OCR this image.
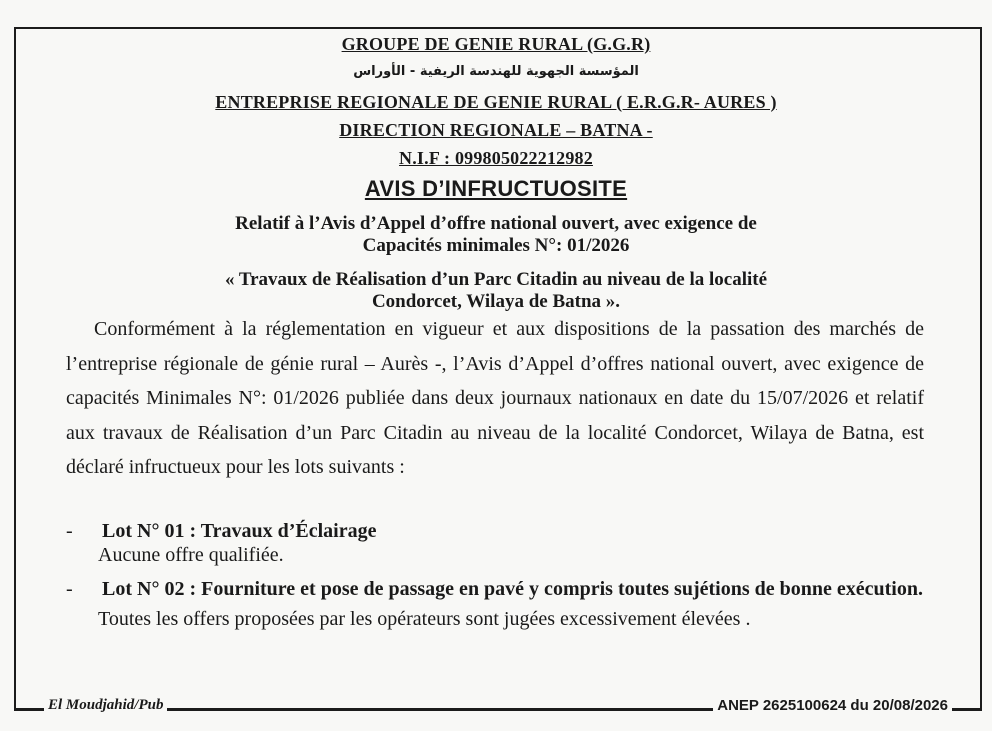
GROUPE DE GENIE RURAL (G.G.R)
المؤسسة الجهوية للهندسة الريفية - الأوراس
ENTREPRISE REGIONALE DE GENIE RURAL ( E.R.G.R- AURES )
DIRECTION REGIONALE – BATNA -
N.I.F : 099805022212982
AVIS D’INFRUCTUOSITE
Relatif à l’Avis d’Appel d’offre national ouvert, avec exigence de
Capacités minimales N°: 01/2026
« Travaux de Réalisation d’un Parc Citadin au niveau de la localité
Condorcet, Wilaya de Batna ».
Conformément à la réglementation en vigueur et aux dispositions de la passation des marchés de l’entreprise régionale de génie rural – Aurès -, l’Avis d’Appel d’offres national ouvert, avec exigence de capacités Minimales N°: 01/2026 publiée dans deux journaux nationaux en date du 15/07/2026 et relatif aux travaux de Réalisation d’un Parc Citadin au niveau de la localité Condorcet, Wilaya de Batna, est déclaré infructueux pour les lots suivants :
- Lot N° 01 : Travaux d’Éclairage
Aucune offre qualifiée.
- Lot N° 02 : Fourniture et pose de passage en pavé y compris toutes sujétions de bonne exécution.
Toutes les offers proposées par les opérateurs sont jugées excessivement élevées .
El Moudjahid/Pub	ANEP 2625100624 du 20/08/2026
